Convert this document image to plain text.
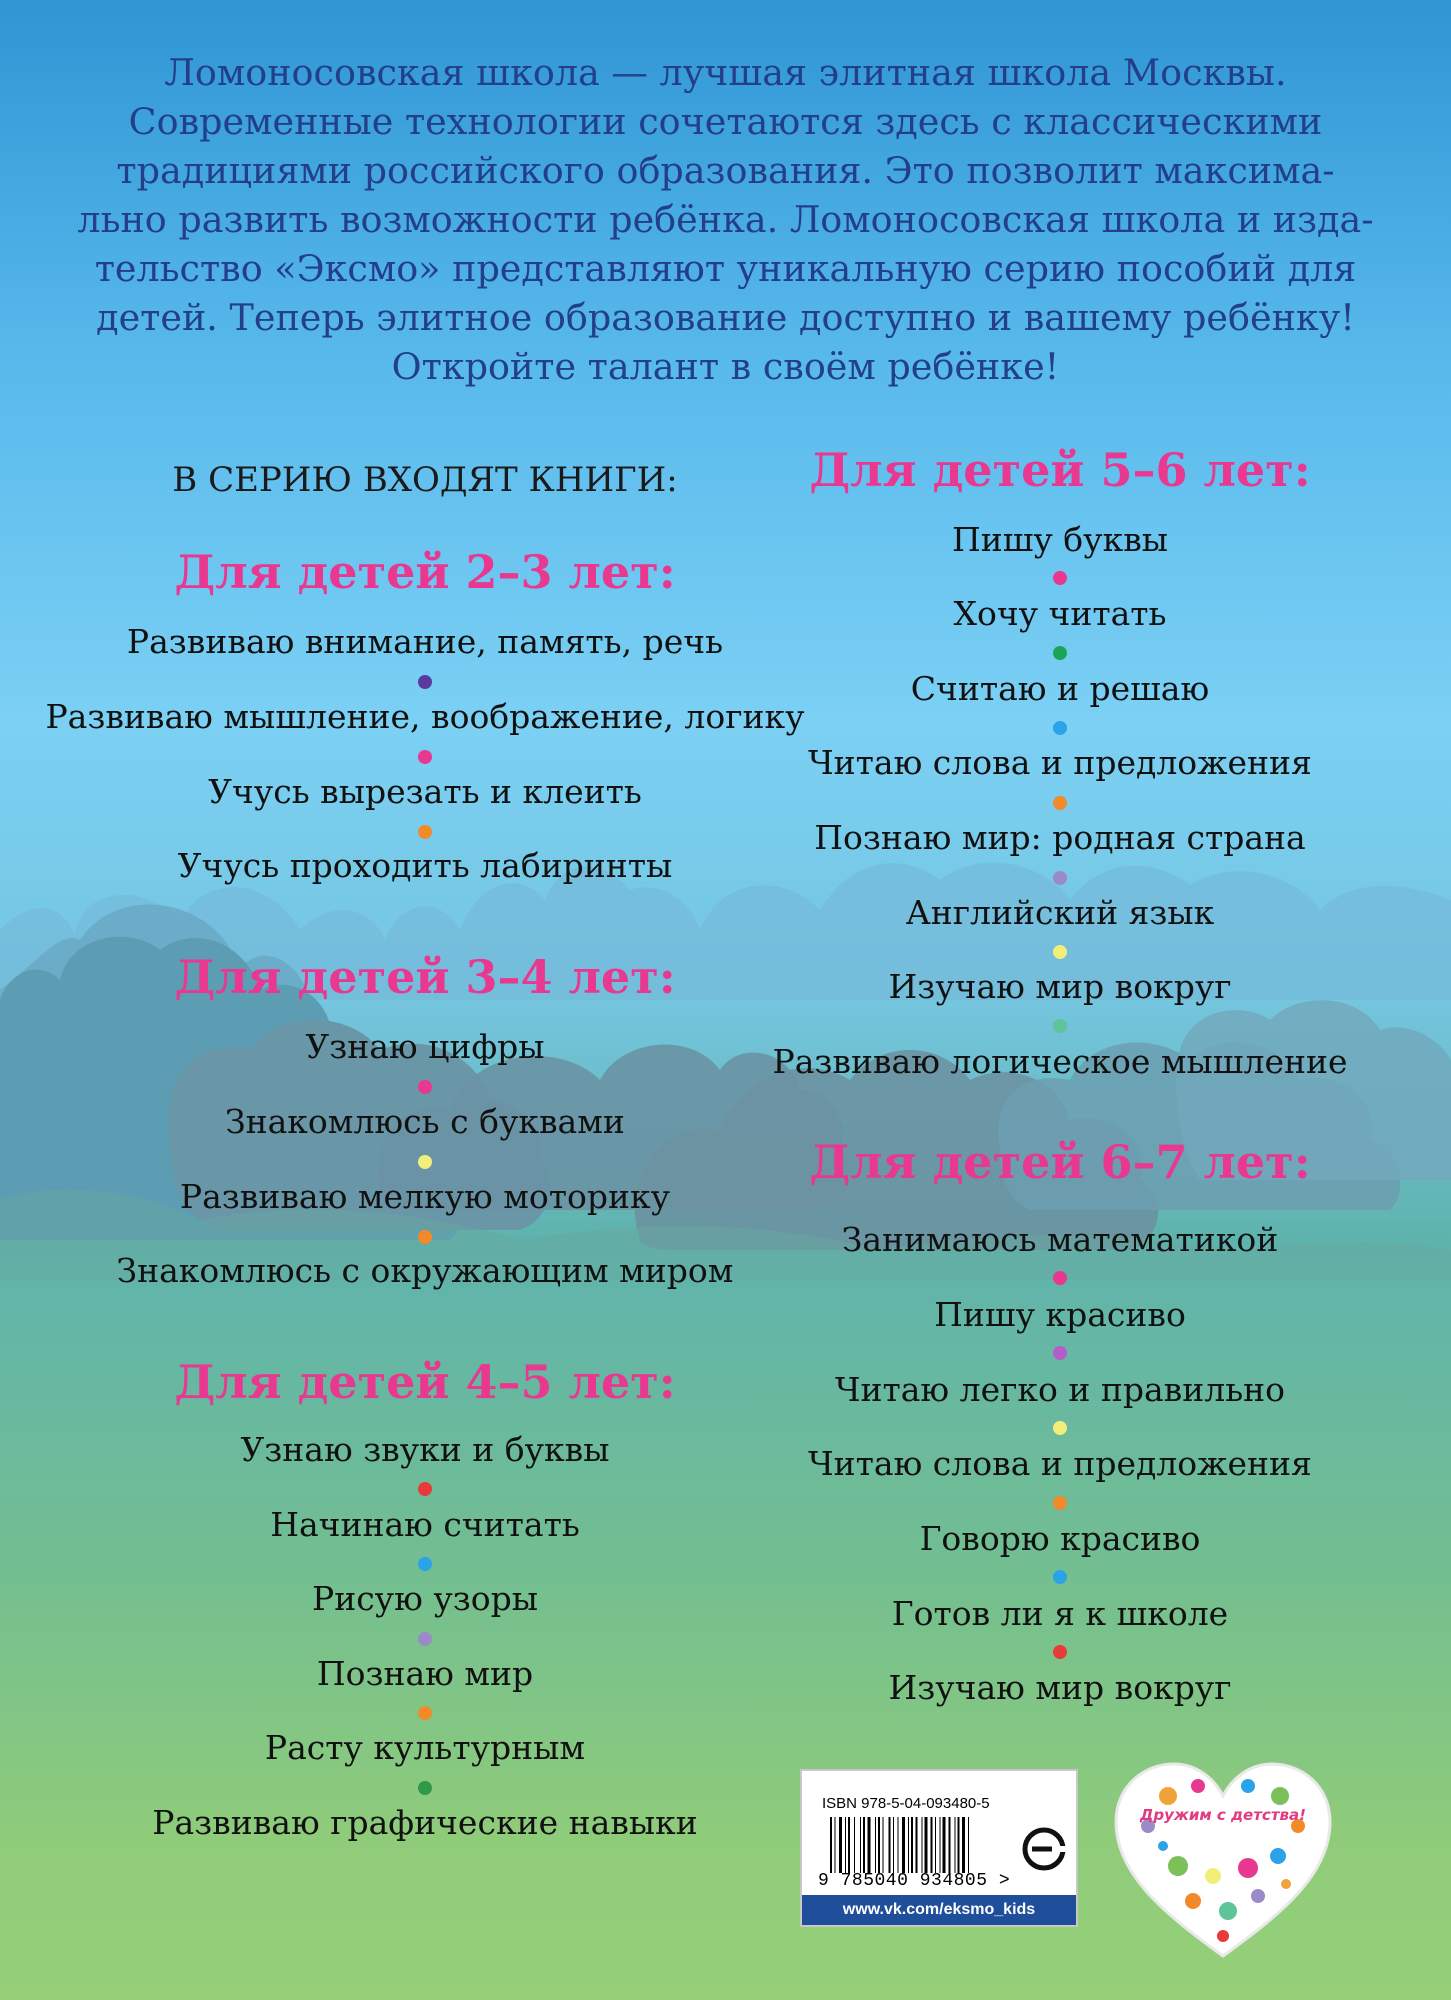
Ломоносовская школа — лучшая элитная школа Москвы.
Современные технологии сочетаются здесь с классическими
традициями российского образования. Это позволит максима-
льно развить возможности ребёнка. Ломоносовская школа и изда-
тельство «Эксмо» представляют уникальную серию пособий для
детей. Теперь элитное образование доступно и вашему ребёнку!
Откройте талант в своём ребёнке!
В СЕРИЮ ВХОДЯТ КНИГИ:
Для детей 2–3 лет:
Развиваю внимание, память, речь
Развиваю мышление, воображение, логику
Учусь вырезать и клеить
Учусь проходить лабиринты
Для детей 3–4 лет:
Узнаю цифры
Знакомлюсь с буквами
Развиваю мелкую моторику
Знакомлюсь с окружающим миром
Для детей 4–5 лет:
Узнаю звуки и буквы
Начинаю считать
Рисую узоры
Познаю мир
Расту культурным
Развиваю графические навыки
Для детей 5–6 лет:
Пишу буквы
Хочу читать
Считаю и решаю
Читаю слова и предложения
Познаю мир: родная страна
Английский язык
Изучаю мир вокруг
Развиваю логическое мышление
Для детей 6–7 лет:
Занимаюсь математикой
Пишу красиво
Читаю легко и правильно
Читаю слова и предложения
Говорю красиво
Готов ли я к школе
Изучаю мир вокруг
ISBN 978-5-04-093480-5
9 785040 934805 >
www.vk.com/eksmo_kids
Дружим с детства!
